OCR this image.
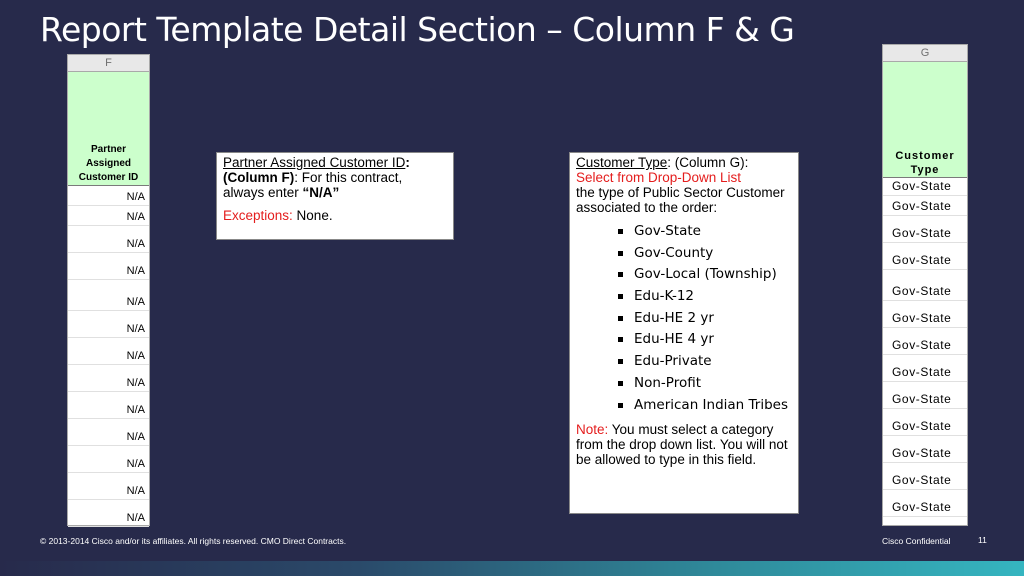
Report Template Detail Section – Column F & G
F
Partner
Assigned
Customer ID
N/A
N/A
N/A
N/A
N/A
N/A
N/A
N/A
N/A
N/A
N/A
N/A
N/A
G
Customer
Type
Gov-State
Gov-State
Gov-State
Gov-State
Gov-State
Gov-State
Gov-State
Gov-State
Gov-State
Gov-State
Gov-State
Gov-State
Gov-State

Partner Assigned Customer ID: (Column F): For this contract, always enter “N/A”

Exceptions: None.

Customer Type: (Column G):
Select from Drop-Down List
the type of Public Sector Customer associated to the order:

Gov-State
Gov-County
Gov-Local (Township)
Edu-K-12
Edu-HE 2 yr
Edu-HE 4 yr
Edu-Private
Non-Profit
American Indian Tribes

Note: You must select a category from the drop down list. You will not be allowed to type in this field.

© 2013-2014 Cisco and/or its affiliates. All rights reserved. CMO Direct Contracts.	Cisco Confidential	11
